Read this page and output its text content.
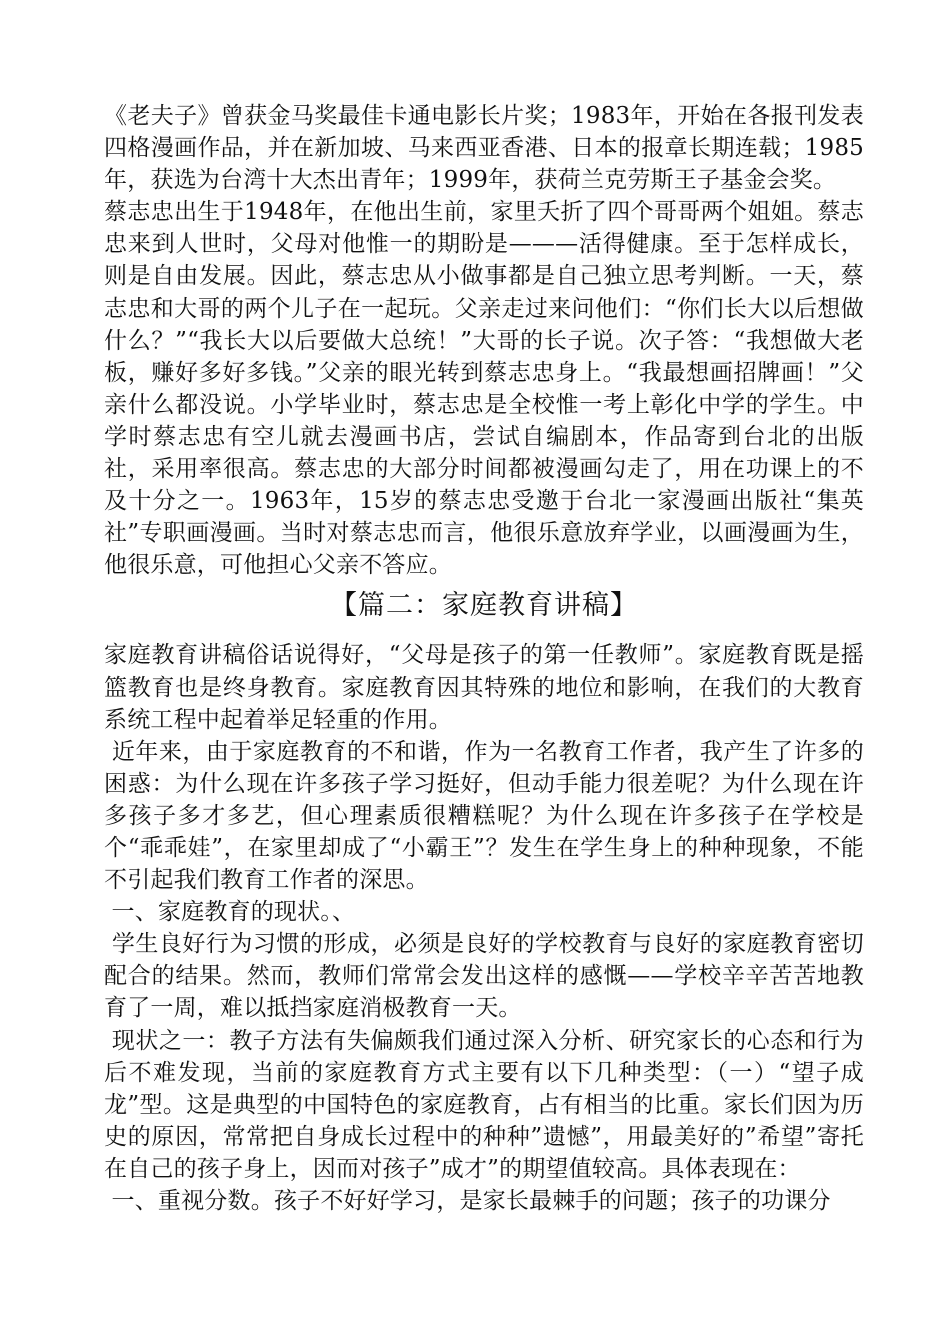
《老夫子》曾获金马奖最佳卡通电影长片奖；1983年，开始在各报刊发表四格漫画作品，并在新加坡、马来西亚香港、日本的报章长期连载；1985年，获选为台湾十大杰出青年；1999年，获荷兰克劳斯王子基金会奖。

蔡志忠出生于1948年，在他出生前，家里夭折了四个哥哥两个姐姐。蔡志忠来到人世时，父母对他惟一的期盼是———活得健康。至于怎样成长，则是自由发展。因此，蔡志忠从小做事都是自己独立思考判断。一天，蔡志忠和大哥的两个儿子在一起玩。父亲走过来问他们：“你们长大以后想做什么？”“我长大以后要做大总统！”大哥的长子说。次子答：“我想做大老板，赚好多好多钱。”父亲的眼光转到蔡志忠身上。“我最想画招牌画！”父亲什么都没说。小学毕业时，蔡志忠是全校惟一考上彰化中学的学生。中学时蔡志忠有空儿就去漫画书店，尝试自编剧本，作品寄到台北的出版社，采用率很高。蔡志忠的大部分时间都被漫画勾走了，用在功课上的不及十分之一。1963年，15岁的蔡志忠受邀于台北一家漫画出版社“集英社”专职画漫画。当时对蔡志忠而言，他很乐意放弃学业，以画漫画为生，他很乐意，可他担心父亲不答应。

【篇二：家庭教育讲稿】

家庭教育讲稿俗话说得好，“父母是孩子的第一任教师”。家庭教育既是摇篮教育也是终身教育。家庭教育因其特殊的地位和影响，在我们的大教育系统工程中起着举足轻重的作用。

近年来，由于家庭教育的不和谐，作为一名教育工作者，我产生了许多的困惑：为什么现在许多孩子学习挺好，但动手能力很差呢？为什么现在许多孩子多才多艺，但心理素质很糟糕呢？为什么现在许多孩子在学校是个“乖乖娃”，在家里却成了“小霸王”？发生在学生身上的种种现象，不能不引起我们教育工作者的深思。

一、家庭教育的现状。、

学生良好行为习惯的形成，必须是良好的学校教育与良好的家庭教育密切配合的结果。然而，教师们常常会发出这样的感慨——学校辛辛苦苦地教育了一周，难以抵挡家庭消极教育一天。

现状之一：教子方法有失偏颇我们通过深入分析、研究家长的心态和行为后不难发现，当前的家庭教育方式主要有以下几种类型：（一）“望子成龙”型。这是典型的中国特色的家庭教育，占有相当的比重。家长们因为历史的原因，常常把自身成长过程中的种种”遗憾”，用最美好的”希望”寄托在自己的孩子身上，因而对孩子”成才”的期望值较高。具体表现在：

一、重视分数。孩子不好好学习，是家长最棘手的问题；孩子的功课分
